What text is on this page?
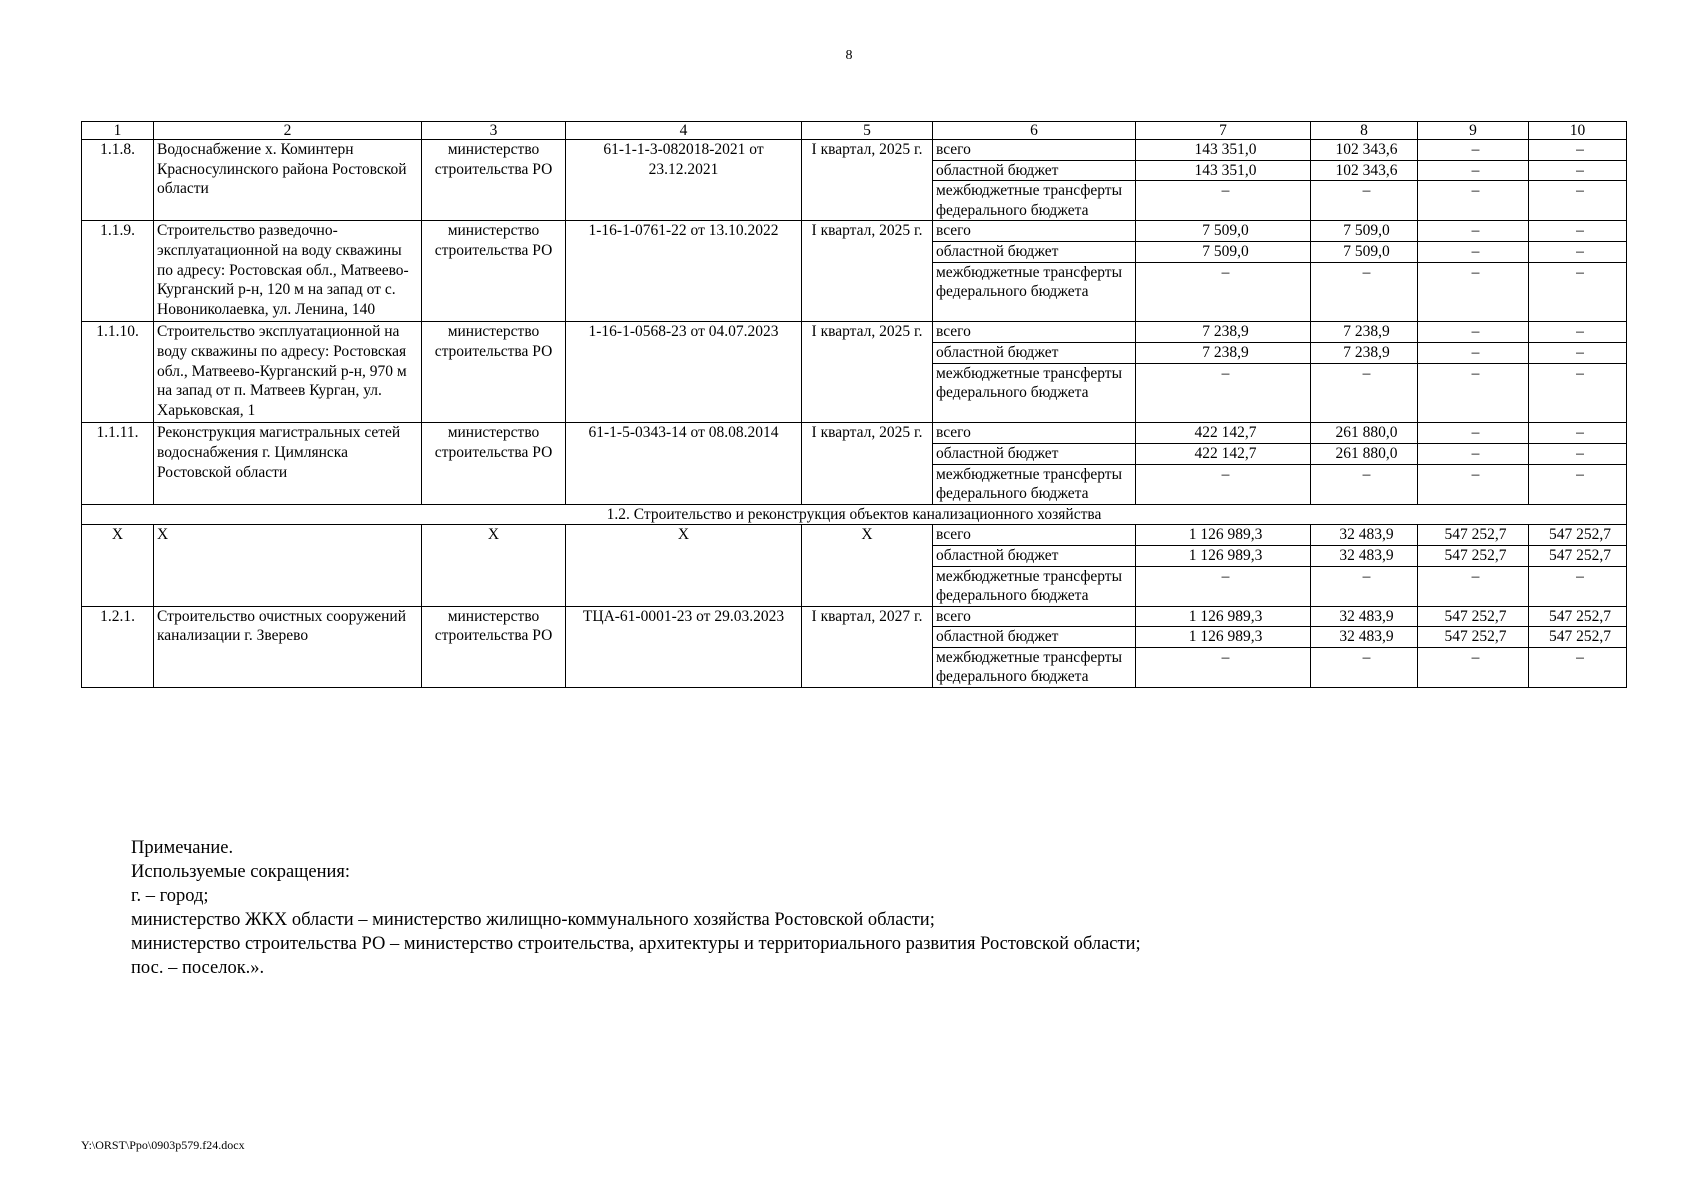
8
1	2	3	4	5	6	7	8	9	10
1.1.8.	Водоснабжение х. Коминтерн Красносулинского района Ростовской области	министерство строительства РО	61-1-1-3-082018-2021 от 23.12.2021	I квартал, 2025 г.	всего	143 351,0	102 343,6	–	–
					областной бюджет	143 351,0	102 343,6	–	–
					межбюджетные трансферты федерального бюджета	–	–	–	–
1.1.9.	Строительство разведочно-эксплуатационной на воду скважины по адресу: Ростовская обл., Матвеево-Курганский р-н, 120 м на запад от с. Новониколаевка, ул. Ленина, 140	министерство строительства РО	1-16-1-0761-22 от 13.10.2022	I квартал, 2025 г.	всего	7 509,0	7 509,0	–	–
					областной бюджет	7 509,0	7 509,0	–	–
					межбюджетные трансферты федерального бюджета	–	–	–	–
1.1.10.	Строительство эксплуатационной на воду скважины по адресу: Ростовская обл., Матвеево-Курганский р-н, 970 м на запад от п. Матвеев Курган, ул. Харьковская, 1	министерство строительства РО	1-16-1-0568-23 от 04.07.2023	I квартал, 2025 г.	всего	7 238,9	7 238,9	–	–
					областной бюджет	7 238,9	7 238,9	–	–
					межбюджетные трансферты федерального бюджета	–	–	–	–
1.1.11.	Реконструкция магистральных сетей водоснабжения г. Цимлянска Ростовской области	министерство строительства РО	61-1-5-0343-14 от 08.08.2014	I квартал, 2025 г.	всего	422 142,7	261 880,0	–	–
					областной бюджет	422 142,7	261 880,0	–	–
					межбюджетные трансферты федерального бюджета	–	–	–	–
1.2. Строительство и реконструкция объектов канализационного хозяйства									
Х	Х	Х	Х	Х	всего	1 126 989,3	32 483,9	547 252,7	547 252,7
					областной бюджет	1 126 989,3	32 483,9	547 252,7	547 252,7
					межбюджетные трансферты федерального бюджета	–	–	–	–
1.2.1.	Строительство очистных сооружений канализации г. Зверево	министерство строительства РО	ТЦА-61-0001-23 от 29.03.2023	I квартал, 2027 г.	всего	1 126 989,3	32 483,9	547 252,7	547 252,7
					областной бюджет	1 126 989,3	32 483,9	547 252,7	547 252,7
					межбюджетные трансферты федерального бюджета	–	–	–	–
Примечание.
Используемые сокращения:
г. – город;
министерство ЖКХ области – министерство жилищно-коммунального хозяйства Ростовской области;
министерство строительства РО – министерство строительства, архитектуры и территориального развития Ростовской области;
пос. – поселок.».
Y:\ORST\Ppo\0903p579.f24.docx
